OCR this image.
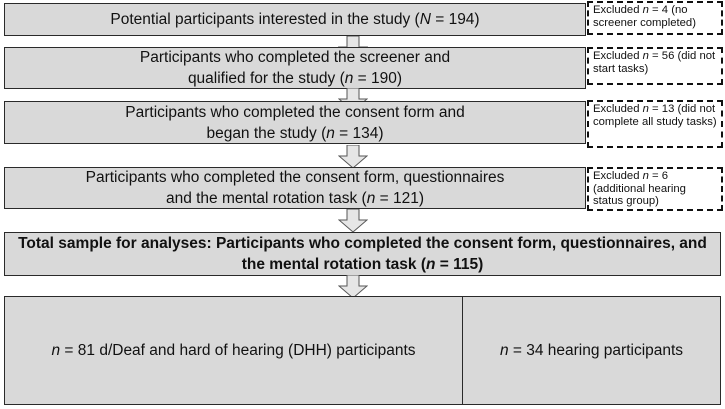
Potential participants interested in the study (N = 194)
Excluded n = 4 (no screener completed)
Participants who completed the screener and qualified for the study (n = 190)
Excluded n = 56 (did not start tasks)
Participants who completed the consent form and began the study (n = 134)
Excluded n = 13 (did not complete all study tasks)
Participants who completed the consent form, questionnaires and the mental rotation task (n = 121)
Excluded n = 6 (additional hearing status group)
Total sample for analyses: Participants who completed the consent form, questionnaires, and the mental rotation task (n = 115)
n = 81 d/Deaf and hard of hearing (DHH) participants	n = 34 hearing participants
